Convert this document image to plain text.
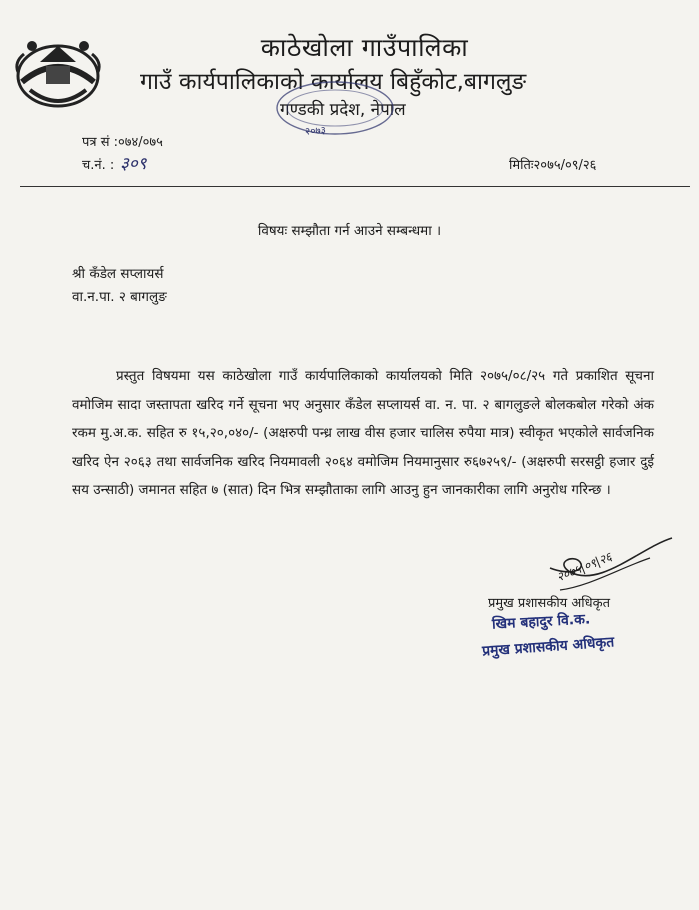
काठेखोला गाउँपालिका
गाउँ कार्यपालिकाको कार्यालय बिहुँकोट,बागलुङ
गण्डकी प्रदेश, नेपाल
२०७३
पत्र सं :०७४/०७५
च.नं. : ३०९	मितिः२०७५/०९/२६
विषयः सम्झौता गर्न आउने सम्बन्धमा ।
श्री कँडेल सप्लायर्स
वा.न.पा. २ बागलुङ
प्रस्तुत विषयमा यस काठेखोला गाउँ कार्यपालिकाको कार्यालयको मिति २०७५/०८/२५ गते प्रकाशित सूचना वमोजिम सादा जस्तापता खरिद गर्ने सूचना भए अनुसार कँडेल सप्लायर्स वा. न. पा. २ बागलुङले बोलकबोल गरेको अंक रकम मु.अ.क. सहित रु १५,२०,०४०/- (अक्षरुपी पन्ध्र लाख वीस हजार चालिस रुपैया मात्र) स्वीकृत भएकोले सार्वजनिक खरिद ऐन २०६३ तथा सार्वजनिक खरिद नियमावली २०६४ वमोजिम नियमानुसार रु६७२५९/- (अक्षरुपी सरसट्ठी हजार दुई सय उन्साठी) जमानत सहित ७ (सात) दिन भित्र सम्झौताका लागि आउनु हुन जानकारीका लागि अनुरोध गरिन्छ ।
२०७५|०९|२६
प्रमुख प्रशासकीय अधिकृत
खिम बहादुर वि.क.
प्रमुख प्रशासकीय अधिकृत
